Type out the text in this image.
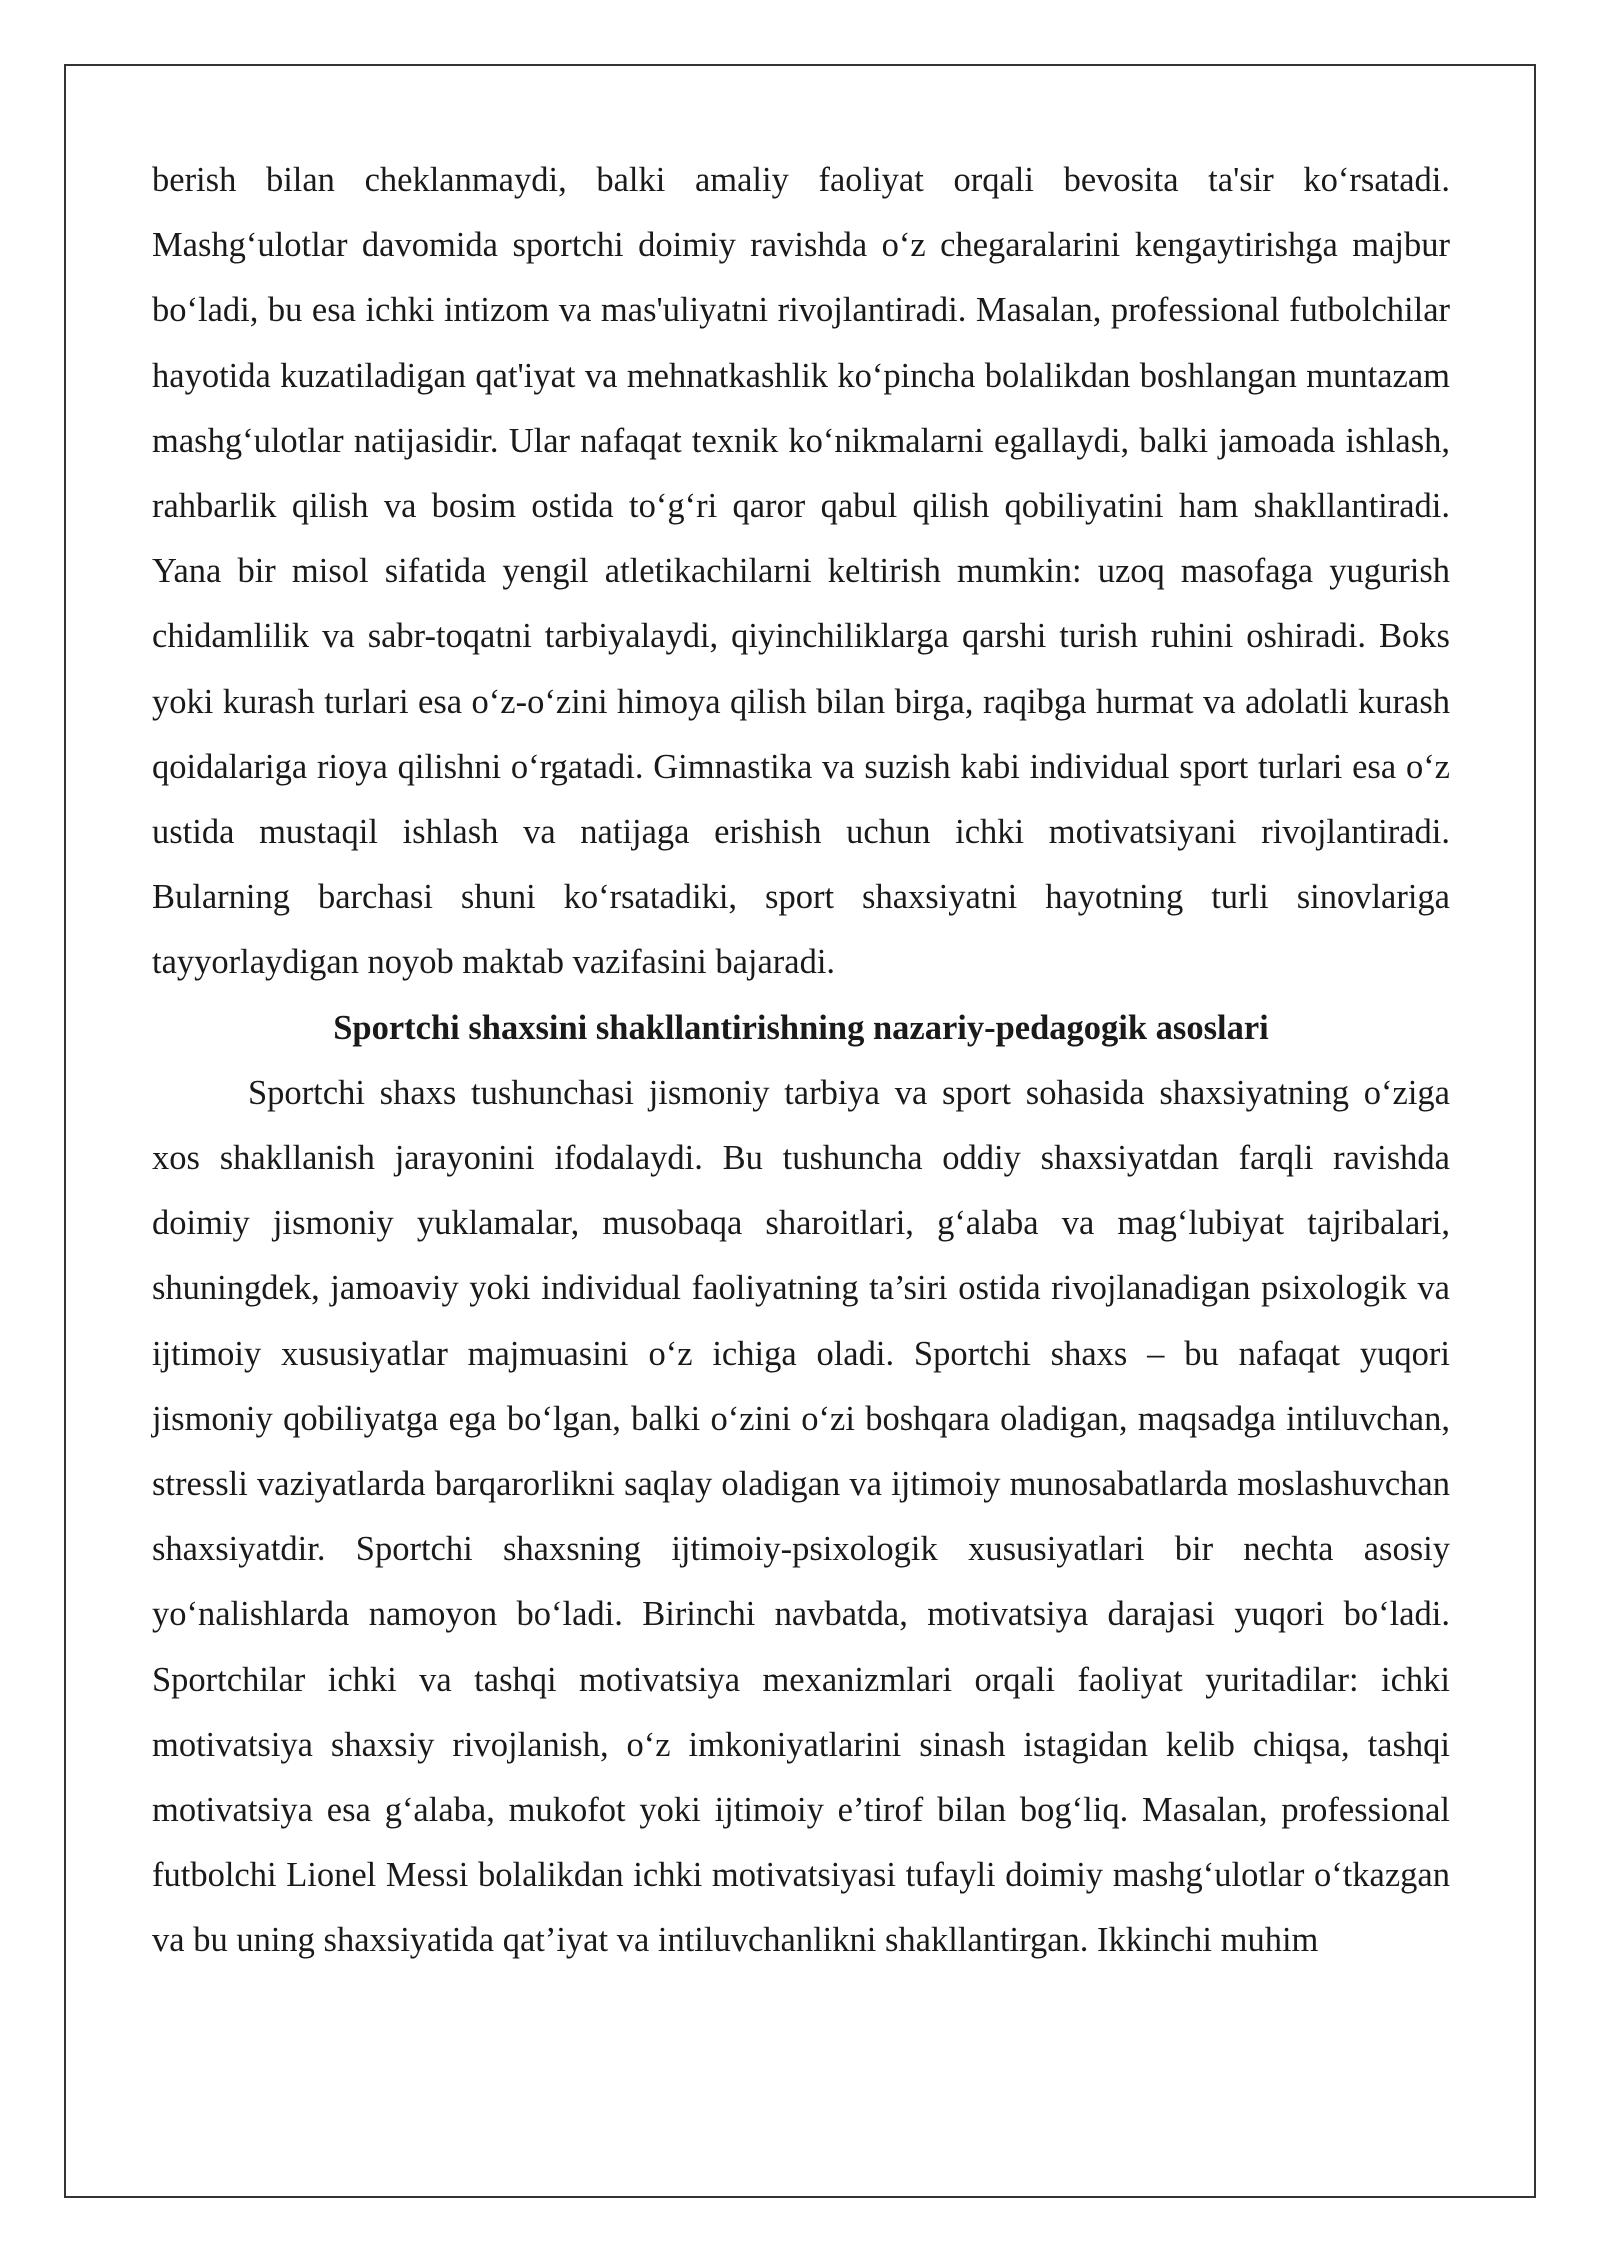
berish bilan cheklanmaydi, balki amaliy faoliyat orqali bevosita ta'sir koʻrsatadi. Mashgʻulotlar davomida sportchi doimiy ravishda oʻz chegaralarini kengaytirishga majbur boʻladi, bu esa ichki intizom va mas'uliyatni rivojlantiradi. Masalan, professional futbolchilar hayotida kuzatiladigan qat'iyat va mehnatkashlik koʻpincha bolalikdan boshlangan muntazam mashgʻulotlar natijasidir. Ular nafaqat texnik koʻnikmalarni egallaydi, balki jamoada ishlash, rahbarlik qilish va bosim ostida toʻgʻri qaror qabul qilish qobiliyatini ham shakllantiradi. Yana bir misol sifatida yengil atletikachilarni keltirish mumkin: uzoq masofaga yugurish chidamlilik va sabr-toqatni tarbiyalaydi, qiyinchiliklarga qarshi turish ruhini oshiradi. Boks yoki kurash turlari esa oʻz-oʻzini himoya qilish bilan birga, raqibga hurmat va adolatli kurash qoidalariga rioya qilishni oʻrgatadi. Gimnastika va suzish kabi individual sport turlari esa oʻz ustida mustaqil ishlash va natijaga erishish uchun ichki motivatsiyani rivojlantiradi. Bularning barchasi shuni koʻrsatadiki, sport shaxsiyatni hayotning turli sinovlariga tayyorlaydigan noyob maktab vazifasini bajaradi.

Sportchi shaxsini shakllantirishning nazariy-pedagogik asoslari

Sportchi shaxs tushunchasi jismoniy tarbiya va sport sohasida shaxsiyatning oʻziga xos shakllanish jarayonini ifodalaydi. Bu tushuncha oddiy shaxsiyatdan farqli ravishda doimiy jismoniy yuklamalar, musobaqa sharoitlari, gʻalaba va magʻlubiyat tajribalari, shuningdek, jamoaviy yoki individual faoliyatning ta’siri ostida rivojlanadigan psixologik va ijtimoiy xususiyatlar majmuasini oʻz ichiga oladi. Sportchi shaxs – bu nafaqat yuqori jismoniy qobiliyatga ega boʻlgan, balki oʻzini oʻzi boshqara oladigan, maqsadga intiluvchan, stressli vaziyatlarda barqarorlikni saqlay oladigan va ijtimoiy munosabatlarda moslashuvchan shaxsiyatdir. Sportchi shaxsning ijtimoiy-psixologik xususiyatlari bir nechta asosiy yoʻnalishlarda namoyon boʻladi. Birinchi navbatda, motivatsiya darajasi yuqori boʻladi. Sportchilar ichki va tashqi motivatsiya mexanizmlari orqali faoliyat yuritadilar: ichki motivatsiya shaxsiy rivojlanish, oʻz imkoniyatlarini sinash istagidan kelib chiqsa, tashqi motivatsiya esa gʻalaba, mukofot yoki ijtimoiy e’tirof bilan bogʻliq. Masalan, professional futbolchi Lionel Messi bolalikdan ichki motivatsiyasi tufayli doimiy mashgʻulotlar oʻtkazgan va bu uning shaxsiyatida qat’iyat va intiluvchanlikni shakllantirgan. Ikkinchi muhim
